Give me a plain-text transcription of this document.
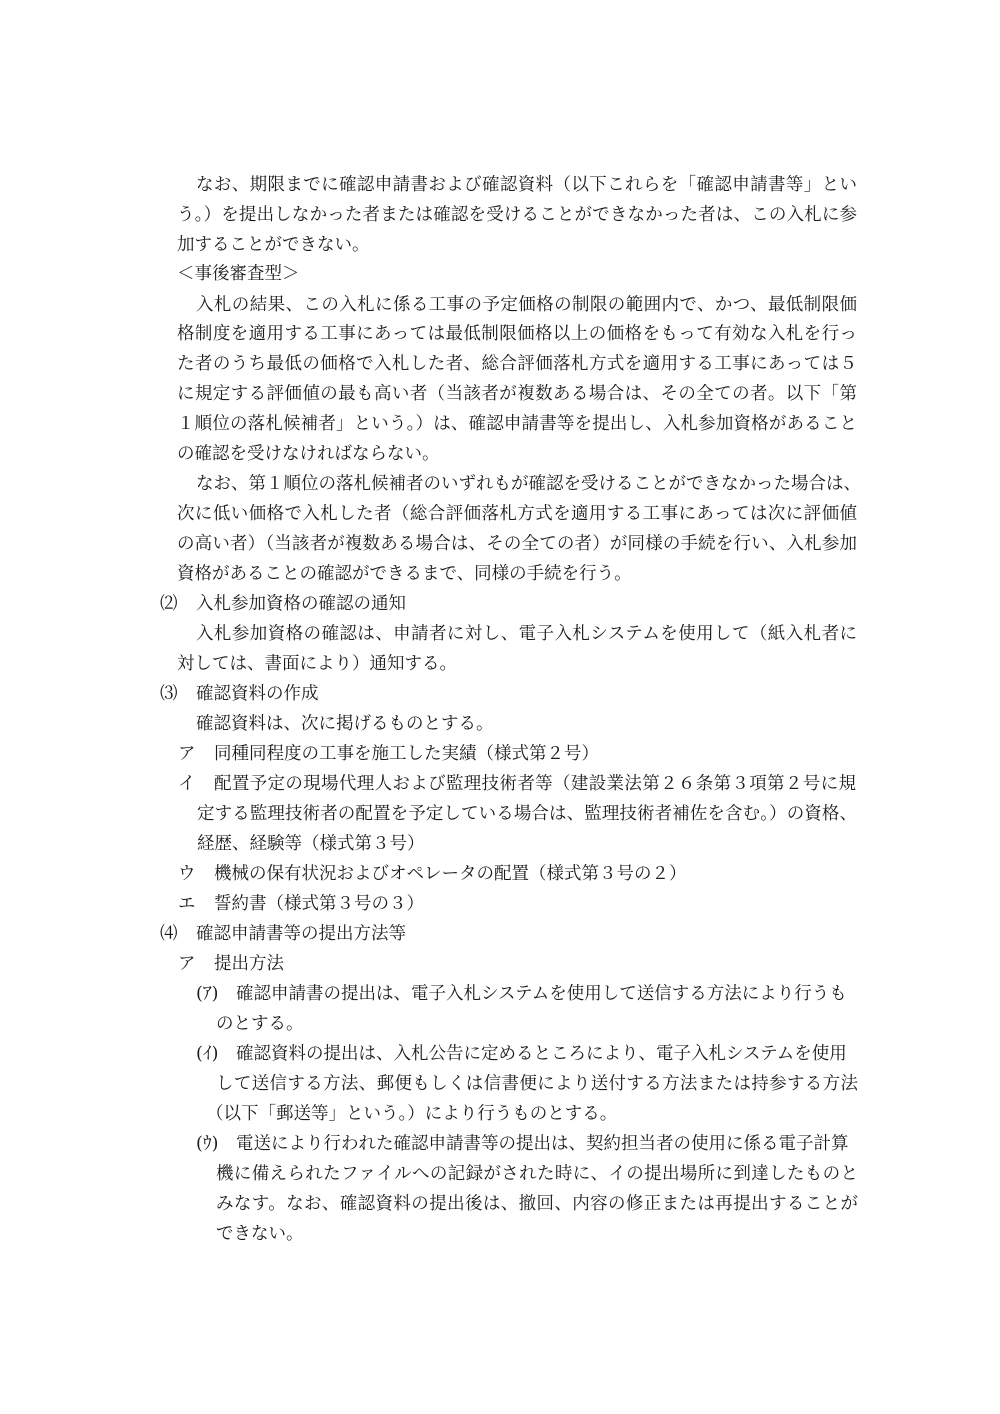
なお、期限までに確認申請書および確認資料（以下これらを「確認申請書等」とい
う。）を提出しなかった者または確認を受けることができなかった者は、この入札に参
加することができない。
＜事後審査型＞
入札の結果、この入札に係る工事の予定価格の制限の範囲内で、かつ、最低制限価
格制度を適用する工事にあっては最低制限価格以上の価格をもって有効な入札を行っ
た者のうち最低の価格で入札した者、総合評価落札方式を適用する工事にあっては５
に規定する評価値の最も高い者（当該者が複数ある場合は、その全ての者。以下「第
１順位の落札候補者」という。）は、確認申請書等を提出し、入札参加資格があること
の確認を受けなければならない。
なお、第１順位の落札候補者のいずれもが確認を受けることができなかった場合は、
次に低い価格で入札した者（総合評価落札方式を適用する工事にあっては次に評価値
の高い者）（当該者が複数ある場合は、その全ての者）が同様の手続を行い、入札参加
資格があることの確認ができるまで、同様の手続を行う。
⑵ 入札参加資格の確認の通知
入札参加資格の確認は、申請者に対し、電子入札システムを使用して（紙入札者に
対しては、書面により）通知する。
⑶ 確認資料の作成
確認資料は、次に掲げるものとする。
ア 同種同程度の工事を施工した実績（様式第２号）
イ 配置予定の現場代理人および監理技術者等（建設業法第２６条第３項第２号に規
定する監理技術者の配置を予定している場合は、監理技術者補佐を含む。）の資格、
経歴、経験等（様式第３号）
ウ 機械の保有状況およびオペレータの配置（様式第３号の２）
エ 誓約書（様式第３号の３）
⑷ 確認申請書等の提出方法等
ア 提出方法
(ｱ) 確認申請書の提出は、電子入札システムを使用して送信する方法により行うも
のとする。
(ｲ) 確認資料の提出は、入札公告に定めるところにより、電子入札システムを使用
して送信する方法、郵便もしくは信書便により送付する方法または持参する方法
（以下「郵送等」という。）により行うものとする。
(ｳ) 電送により行われた確認申請書等の提出は、契約担当者の使用に係る電子計算
機に備えられたファイルへの記録がされた時に、イの提出場所に到達したものと
みなす。なお、確認資料の提出後は、撤回、内容の修正または再提出することが
できない。
